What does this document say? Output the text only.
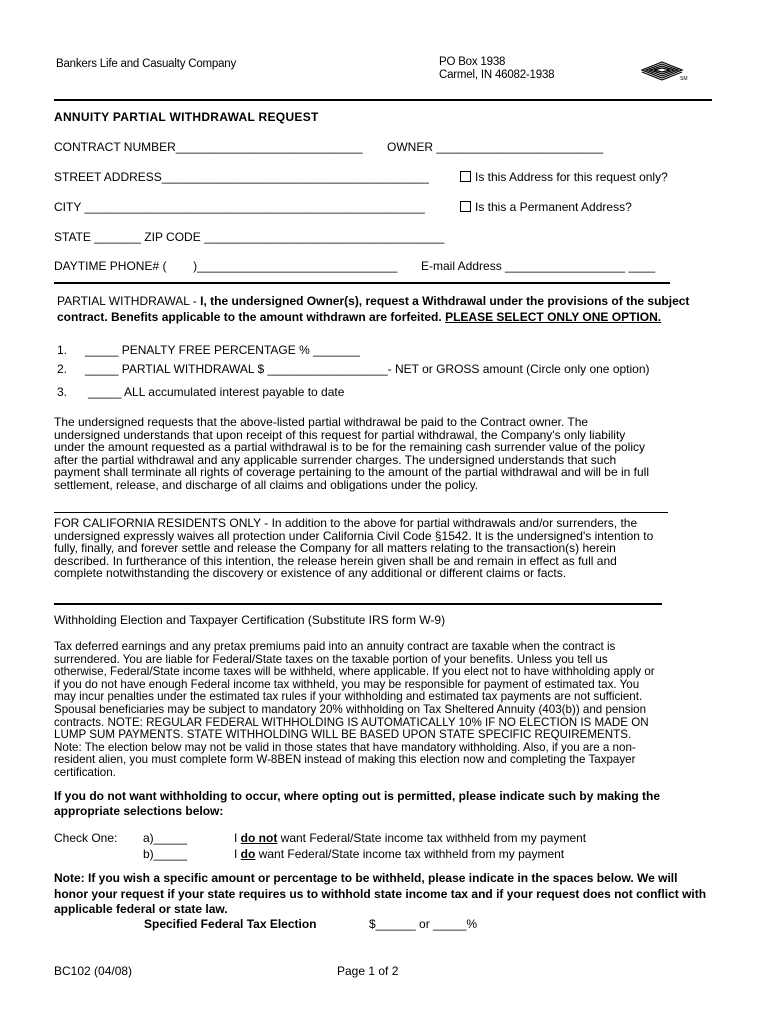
Bankers Life and Casualty Company	PO Box 1938
Carmel, IN 46082-1938	SM
ANNUITY PARTIAL WITHDRAWAL REQUEST
CONTRACT NUMBER____________________________ OWNER _________________________
STREET ADDRESS________________________________________	Is this Address for this request only?
CITY ___________________________________________________	Is this a Permanent Address?
STATE _______ ZIP CODE ____________________________________
DAYTIME PHONE# (        )______________________________ E-mail Address __________________ ____
PARTIAL WITHDRAWAL - I, the undersigned Owner(s), request a Withdrawal under the provisions of the subject contract. Benefits applicable to the amount withdrawn are forfeited. PLEASE SELECT ONLY ONE OPTION.
1. _____ PENALTY FREE PERCENTAGE % _______
2. _____ PARTIAL WITHDRAWAL $ __________________- NET or GROSS amount (Circle only one option)
3. _____ ALL accumulated interest payable to date
The undersigned requests that the above-listed partial withdrawal be paid to the Contract owner. The undersigned understands that upon receipt of this request for partial withdrawal, the Company's only liability under the amount requested as a partial withdrawal is to be for the remaining cash surrender value of the policy after the partial withdrawal and any applicable surrender charges. The undersigned understands that such payment shall terminate all rights of coverage pertaining to the amount of the partial withdrawal and will be in full settlement, release, and discharge of all claims and obligations under the policy.
FOR CALIFORNIA RESIDENTS ONLY - In addition to the above for partial withdrawals and/or surrenders, the undersigned expressly waives all protection under California Civil Code §1542. It is the undersigned's intention to fully, finally, and forever settle and release the Company for all matters relating to the transaction(s) herein described. In furtherance of this intention, the release herein given shall be and remain in effect as full and complete notwithstanding the discovery or existence of any additional or different claims or facts.
Withholding Election and Taxpayer Certification (Substitute IRS form W-9)
Tax deferred earnings and any pretax premiums paid into an annuity contract are taxable when the contract is surrendered. You are liable for Federal/State taxes on the taxable portion of your benefits. Unless you tell us otherwise, Federal/State income taxes will be withheld, where applicable. If you elect not to have withholding apply or if you do not have enough Federal income tax withheld, you may be responsible for payment of estimated tax. You may incur penalties under the estimated tax rules if your withholding and estimated tax payments are not sufficient. Spousal beneficiaries may be subject to mandatory 20% withholding on Tax Sheltered Annuity (403(b)) and pension contracts. NOTE: REGULAR FEDERAL WITHHOLDING IS AUTOMATICALLY 10% IF NO ELECTION IS MADE ON LUMP SUM PAYMENTS. STATE WITHHOLDING WILL BE BASED UPON STATE SPECIFIC REQUIREMENTS. Note: The election below may not be valid in those states that have mandatory withholding. Also, if you are a non-resident alien, you must complete form W-8BEN instead of making this election now and completing the Taxpayer certification.
If you do not want withholding to occur, where opting out is permitted, please indicate such by making the appropriate selections below:
Check One: a)_____	I do not want Federal/State income tax withheld from my payment
b)_____	I do want Federal/State income tax withheld from my payment
Note: If you wish a specific amount or percentage to be withheld, please indicate in the spaces below. We will honor your request if your state requires us to withhold state income tax and if your request does not conflict with applicable federal or state law.
Specified Federal Tax Election	$______ or _____%
BC102 (04/08)	Page 1 of 2
